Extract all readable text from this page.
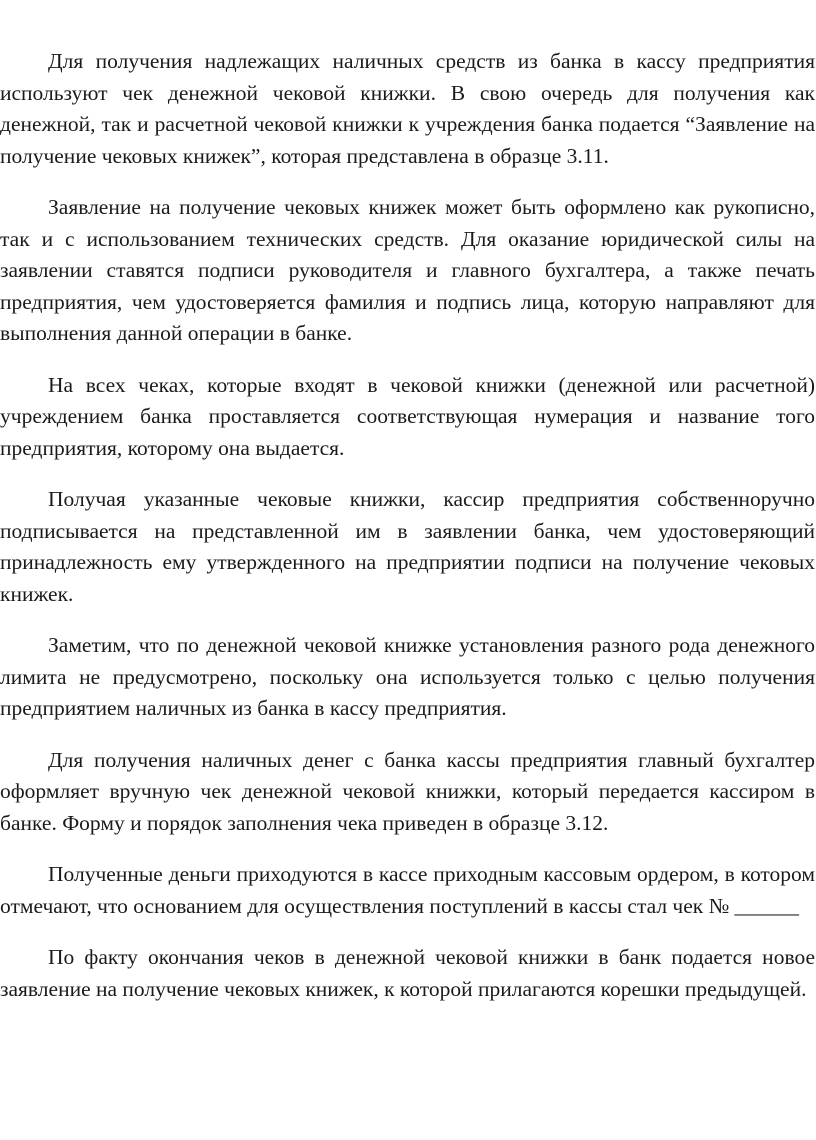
Для получения надлежащих наличных средств из банка в кассу предприятия используют чек денежной чековой книжки. В свою очередь для получения как денежной, так и расчетной чековой книжки к учреждения банка подается “Заявление на получение чековых книжек”, которая представлена в образце 3.11.

Заявление на получение чековых книжек может быть оформлено как рукописно, так и с использованием технических средств. Для оказание юридической силы на заявлении ставятся подписи руководителя и главного бухгалтера, а также печать предприятия, чем удостоверяется фамилия и подпись лица, которую направляют для выполнения данной операции в банке.

На всех чеках, которые входят в чековой книжки (денежной или расчетной) учреждением банка проставляется соответствующая нумерация и название того предприятия, которому она выдается.

Получая указанные чековые книжки, кассир предприятия собственноручно подписывается на представленной им в заявлении банка, чем удостоверяющий принадлежность ему утвержденного на предприятии подписи на получение чековых книжек.

Заметим, что по денежной чековой книжке установления разного рода денежного лимита не предусмотрено, поскольку она используется только с целью получения предприятием наличных из банка в кассу предприятия.

Для получения наличных денег с банка кассы предприятия главный бухгалтер оформляет вручную чек денежной чековой книжки, который передается кассиром в банке. Форму и порядок заполнения чека приведен в образце 3.12.

Полученные деньги приходуются в кассе приходным кассовым ордером, в котором отмечают, что основанием для осуществления поступлений в кассы стал чек № ______

По факту окончания чеков в денежной чековой книжки в банк подается новое заявление на получение чековых книжек, к которой прилагаются корешки предыдущей.
